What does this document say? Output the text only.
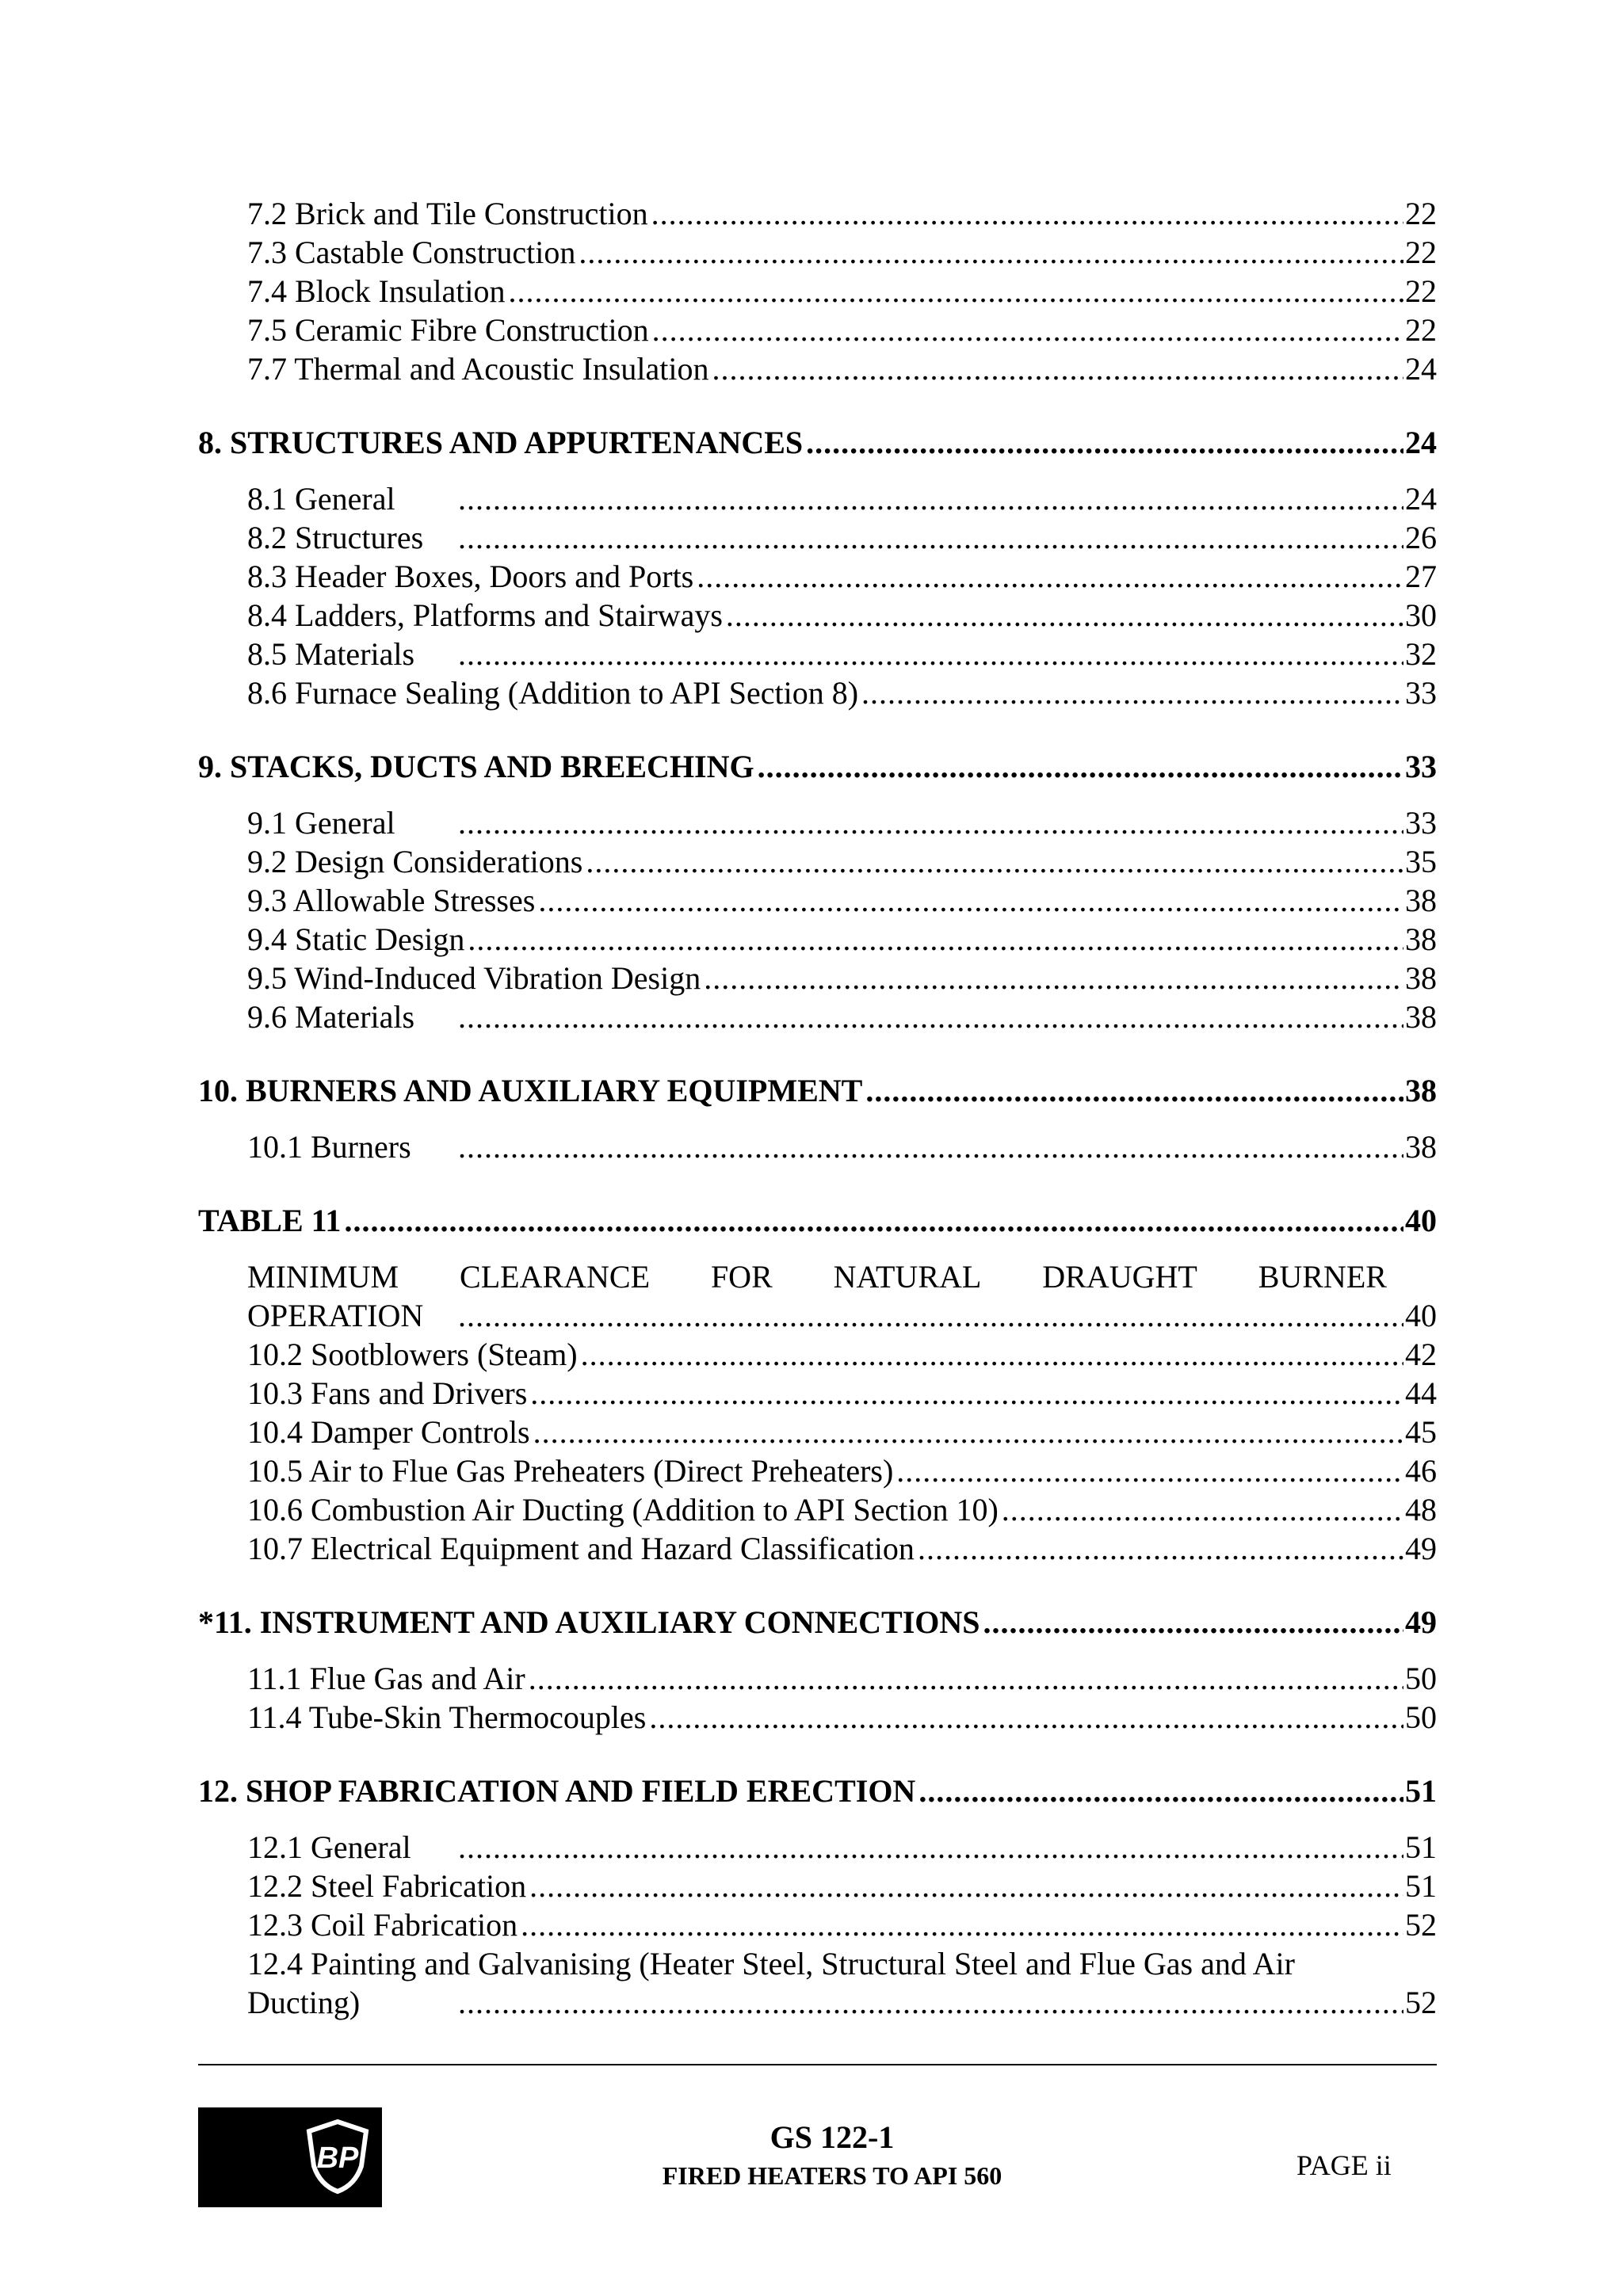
7.2 Brick and Tile Construction .....	22
7.3 Castable Construction .....	22
7.4 Block Insulation .....	22
7.5 Ceramic Fibre Construction .....	22
7.7 Thermal and Acoustic Insulation .....	24
8. STRUCTURES AND APPURTENANCES .....	24
8.1 General .....	24
8.2 Structures .....	26
8.3 Header Boxes, Doors and Ports .....	27
8.4 Ladders, Platforms and Stairways .....	30
8.5 Materials .....	32
8.6 Furnace Sealing (Addition to API Section 8) .....	33
9. STACKS, DUCTS AND BREECHING .....	33
9.1 General .....	33
9.2 Design Considerations .....	35
9.3 Allowable Stresses .....	38
9.4 Static Design .....	38
9.5 Wind-Induced Vibration Design .....	38
9.6 Materials .....	38
10. BURNERS AND AUXILIARY EQUIPMENT .....	38
10.1 Burners .....	38
TABLE 11 .....	40
MINIMUM CLEARANCE FOR NATURAL DRAUGHT BURNER
OPERATION .....	40
10.2 Sootblowers (Steam) .....	42
10.3 Fans and Drivers .....	44
10.4 Damper Controls .....	45
10.5 Air to Flue Gas Preheaters (Direct Preheaters) .....	46
10.6 Combustion Air Ducting (Addition to API Section 10) .....	48
10.7 Electrical Equipment and Hazard Classification .....	49
*11. INSTRUMENT AND AUXILIARY CONNECTIONS .....	49
11.1 Flue Gas and Air .....	50
11.4 Tube-Skin Thermocouples .....	50
12. SHOP FABRICATION AND FIELD ERECTION .....	51
12.1 General .....	51
12.2 Steel Fabrication .....	51
12.3 Coil Fabrication .....	52
12.4 Painting and Galvanising (Heater Steel, Structural Steel and Flue Gas and Air
Ducting) .....	52
BP
GS 122-1
FIRED HEATERS TO API 560	PAGE ii
